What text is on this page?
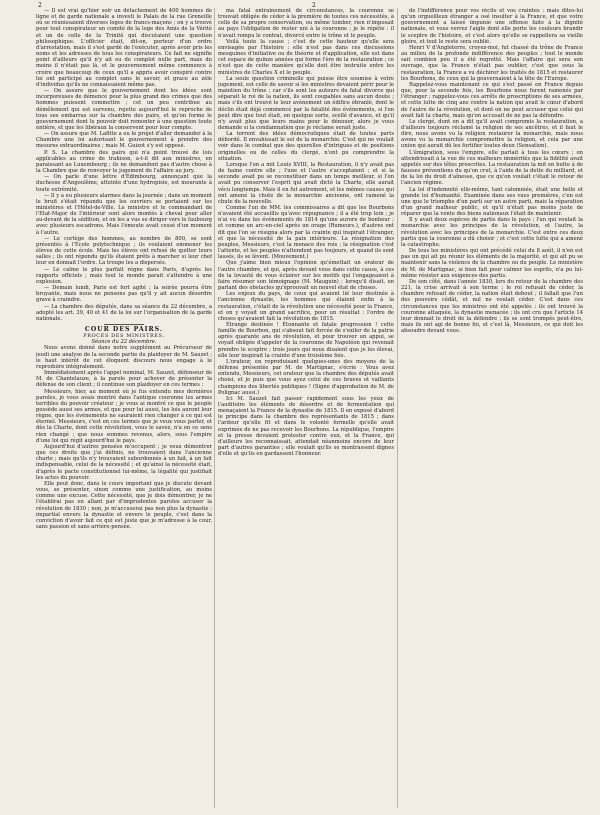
2	2

— Il est vrai qu'hier soir un détachement de 400 hommes de ligne et de garde nationale a investi le Palais de la rue Greneille où se réunissaient diverses loges de francs-maçons ; on y a trouvé pour tout conspirateur un comité de la loge des Amis de la Vérité et un de celle de la Trinité qui discutaient une question philosophique. L'officier était, dit-on, porteur d'un ordre d'arrestation, mais il s'est gardé de l'exécuter, après avoir pris les noms et les adresses de tous les conspirateurs. Ce fait ne signifie point d'ailleurs qu'il n'y ait eu de complot nulle part, mais du moins il n'était pas là, et le gouvernement même commence à croire que beaucoup de ceux qu'il a appris avoir conspiré contre lui ont participé au complot sans le savoir, et grace au zèle d'individus qu'ils ne connaissaient même pas.

— On assure que le gouvernement dont les idées sont incorporeuses de démence pour la plus grand des crimes que des hommes puissent commettre ; cet un peu contribue au démêlement qui est survenu, rejette aujourd'hui le reproche de tous ses embarras sur la chambre des pairs, et qu'on forme le gouvernement dont le pouvoir doit remonter à une question toute entière, et que les libéraux la conservent pour leur compte.

— On assure que M. Lafitte a eu le projet d'aller demander à la Chambre une loi autorisant le gouvernement à prendre des mesures extraordinaires ; mais M. Guizot s'y est opposé.

P. S. La chambre des pairs qui n'a point trouvé de lois applicables au crime de trahison, a-t-il dit aux ministres, en paraissant au Luxembourg ; ils ne demandent pas d'autre chose à la Chambre que de renvoyer le jugement de l'affaire au jury.

— On parle d'une lettre d'Édimbourg, annonçant que la duchesse d'Angoulême, atteinte d'une hydropisie, est mourante à toute extrémité.

— Il y a eu plusieurs alarmes dans la journée ; dans un moment le bruit s'était répandu que les ouvriers se portaient sur les ministères et l'Hôtel-de-Ville. Le ministre et le commandant de l'Etat-Major de l'intérieur sont alors montés à cheval pour aller au-devant de la sédition, et on les a vus se diriger vers le faubourg avec plusieurs escadrons. Mais l'émeute avait cessé d'un moment à l'autre.

— Le cortège des hommes, au nombre de 800, se sont présentés à l'École polytechnique ; ils voulaient emmener les élèves de cette école. Mais les élèves ont refusé de quitter leurs salles ; ils ont répondu qu'ils étaient prêts à marcher si leur chef leur en donnait l'ordre. La troupe les a dispersés.

— Le calme le plus parfait règne dans Paris, d'après les rapports officiels ; mais tout le monde parait s'attendre à une explosion.

— Demain lundi, Paris est fort agité ; la soirée pourra être bruyante, mais nous ne pensons pas qu'il y ait aucun désordre grave à craindre.

— La chambre des députés, dans sa séance du 22 décembre, a adopté les art. 39, 40 et 41 de la loi sur l'organisation de la garde nationale.

COUR DES PAIRS.

PROCÈS DES MINISTRES.

Séance du 22 décembre.

Nous avons donné dans notre supplément au Précurseur de jeudi une analyse de la seconde partie du plaidoyer de M. Sauzet ; le haut intérêt de cet éloquent discours nous engage à le reproduire intégralement.

Immédiatement après l'appel nominal, M. Sauzet, défenseur de M. de Chantelauze, à la parole pour achever de présenter la défense de son client ; il continue son plaidoyer en ces termes :

Messieurs, hier, au moment où je fus entendu mes dernières paroles, je vous avais montré dans l'antique couronne les armes terribles du pouvoir créateur ; je vous ai montré ce que le peuple possède aussi ses armes, et que pour lui aussi, les lois auront leur règne, que les événements ne sauraient rien changer à ce qui est éternel. Messieurs, c'est en ces termes que je veux vous parler, et dès la Charte, dont cette révolution, vous le savez, n'a en ce sens rien changé ; que nous sommes revenus, alors, sous l'empire d'une loi qui régit aujourd'hui le pays.

Aujourd'hui d'autres pensées m'occupent ; je veux démontrer que ces droits que j'ai définis, ne trouvaient dans l'ancienne charte ; mais qu'ils n'y trouvaient subordonnés à un fait, à un fait indispensable, celui de la nécessité ; et qu'ainsi la nécessité était, d'après le pacte constitutionnel lui-même, la légalité qui justifiait les actes du pouvoir.

Elle peut donc, dans le cours important que je discute devant vous, se présenter, sinon comme une justification, au moins comme une excuse. Cette nécessité, que je dois démontrer, je ne l'établirai pas en allant par d'imprudentes paroles accuser la révolution de 1830 ; non, je m'accuserai pas non plus la dynastie ; impartial envers la dynastie et envers le peuple, c'est dans la conviction d'avoir fait ce qui est juste que je m'adresse à la cour, sans passion et sans arrière-pensée.

ma fatal entraînement de circonstances, la couronne se trouvait obligée de céder à la première de toutes ces nécessités, à celle de sa propre conservation, ou même tomber, rien n'imposait au pays l'obligation de rester uni à la couronne ; je le répète : il n'avait rompu le contrat, divorcé entre le trône et le peuple.

Voilà toute la cause ; c'est de cette hauteur qu'elle sera envisagée par l'histoire ; elle n'est pas dans ces discussions mesquines d'initiative ou de théorie et d'application, elle est dans cet espace de quinze années qui forme l'ère de la restauration ; ce n'est que de cette manière qu'elle doit être instruite entre les ministres de Charles X et le peuple.

La seule question criminelle qui puisse être soumise à votre jugement, est celle de savoir si les ministres devaient périr pour le maintien du trône ; car s'ils sont les auteurs du fatal divorce qui séparait le roi de la nation, ils sont coupables sans aucun doute ; mais s'ils ont trouvé le leur avènement un édifice ébranlé, dont le déclin était déjà commencé par la fatalité des événements, si l'on peut dire que tout était, en quelque sorte, scellé d'avance, et qu'il n'y avait plus que leurs mains pour le dénouer, alors je vous demande si la condamnation que je réclame serait juste.

La torrent des idées démocratiques était de toutes parts débordé. Il envahissait le sol de la monarchie. C'est qui ne voulait voir dans le combat que des querelles d'intrigues et de positions originelles ou de celles du clergé, n'ont pu comprendre la situation.

Lorsque l'on a mit Louis XVIII, la Restauration, il n'y avait pas de haine contre elle ; l'une et l'autre s'acceptaient ; et si la seconde avait pu se reconstituer dans un temps meilleur, si l'on avait pu conserver l'esprit qui avait dicté la Charte, elle aurait vécu longtemps. Mais il en fut autrement, et les mêmes causes qui ont amené la chute de la monarchie ancienne, ont ramené la chute de la nouvelle.

Comme l'un de MM. les commissaires a dit que les Bourbons n'avaient été accueillis qu'avec répugnance ; il a été trop loin ; je n'ai vu dans les événements de 1814 qu'une aurore de bonheur ; et comme un arc-en-ciel après un orage (Rumeurs.), d'autres ont dit que l'on se résigna alors par la crainte qui inspirait l'étranger, et que la nécessité de la paix intérieure. La résignation des peuples, Messieurs, c'est la menace des rois ; la résignation c'est l'attente, et les peuples n'attendent pas toujours, et quand ils sont lassés, ils se lèvent. (Mouvement.)

Que j'aime bien mieux l'opinion qu'émettait un orateur de l'autre chambre, et qui, après devant vous dans cette cause, à ces de la lovauté de vous éclairer sur les motifs qui l'engageaient à faire résumer son témoignage (M. Mauguin) : lorsqu'il disait, en parlant des obstacles qu'éprouvait un nouvel état de choses.

Les enjeux du pays, de ceux qui avaient lié leur destinée à l'ancienne dynastie, les hommes qui étaient enfin à la restauration, c'était de la révolution une nécessité pour la France, et on y voyait un grand sacrifice, pour un résultat : l'ordre de choses qu'avaient fait la révolution de 1815.

Étrange destinée ! Étonnante et fatale progression ! cette famille de Bourbon, qui s'absout fait forcée de s'exiler de la patrie après quarante ans de révolution, et pour trouver un appui, se voyait obligée d'appeler de la couronne de Napoléon qui revenait prendre le sceptre ; trois jours qui nous disaient que je les élevai, elle leur inspirait la crainte d'une troisième fois.

L'orateur, en reproduisant quelques-unes des moyens de la défense présentée par M. de Martignac, s'écrie : Vous avez entendu, Messieurs, cet orateur que la chambre des députés avait choisi, et je puis que vous ayez celui de ces braves et vaillants champions des libertés publiques ! (Signe d'approbation de M. de Polignac aussi.)

Ici M. Sauzet fait passer rapidement sous les yeux de l'auditoire les éléments de désordre et de fermentation qui menaçaient la France de la dynastie de 1815. Il en exposé d'abord le principe dans la chambre des représentants de 1815 ; dans l'ardeur qu'elle fit et dans le volonté formelle qu'elle avait exprimée de ne pas recevoir les Bourbons. La république, l'empire et la presse devaient protester contre eux, et la France, qui d'ailleurs les reconnaissait, attendait néanmoins encore de leur part d'autres garanties ; elle voulait qu'ils se montrassent dignes d'elle et qu'ils en gardassent l'honneur.

de l'indifférence pour vos récits et vos craintes : mais dites-lui qu'un orgueilleux étranger a osé insulter à la France, et que votre gouvernement a laissé impunie une offense faite à la dignité nationale, et vous verrez l'aigle dont elle porte les couleurs brandir le sceptre de l'histoire, et c'est alors qu'elle se rappellera sa vieille gloire, et tout le reste sera oublié.

Henri V d'Angleterre, croyez-moi, fut chassé du trône de France au milieu de la profonde indifférence des peuples ; tout le monde sait combien peu il a été regretté. Mais l'affaire qui sera son ouvrage, que la France n'était pas oublier, c'est que sous la restauration, la France a vu déchirer les traités de 1815 et restaurer les Bourbons, de ceux qui la gouvernaient à la tête de l'Europe.

Rappelez-vous maintenant ce qui s'est passé en France depuis que, pour la seconde fois, les Bourbons nous furent ramenés par l'étranger ; rappelez-vous ces arrêts de proscriptions de ses armées, et cette lutte de cinq ans contre la nation qui avait le cœur d'abord de l'autre de la révolution, et dont on ne peut accuser que celui qui avait fait la charte, mais qu'on accusait de ne pas la défendre.

Le clergé, dont on a dit qu'il avait compromis la restauration, a d'ailleurs toujours réclamé la religion de ses ancêtres, et il faut le dire, nous avons vu la religion restaurer la monarchie, mais nous avons vu la monarchie compromettre la religion, et cela par une union qui aurait dû les fortifier toutes deux (Sensation).

L'émigration, sous l'empire, elle parlait à tous les cœurs ; on attendrissait à la vue de ces malheurs immérités que la fidélité avait appelés sur des têtes proscrites. La restauration la mit en butte à de fausses préventions du qu'on crut, à l'aide de la dette du milliard, et de la loi du droit d'aînesse, que ce qu'on voulait c'était le retour de l'ancien régime.

La loi d'indemnité elle-même, tant calomniée, était une belle et grande loi d'humanité. Examinée dans ses vues premières, c'en est une que le triomphe d'un parti sur un autre parti, mais la réparation d'un grand malheur public, et qu'il n'était pas moins juste de réparer que la vente des biens nationaux l'était de maintenir.

Il y avait deux espèces de partis dans le pays ; l'un qui voulait la monarchie avec les principes de la révolution, et l'autre, la révolution avec les principes de la monarchie. C'est entre ces deux partis que la couronne a dû choisir ; et c'est cette lutte qui a amené la catastrophe.

De tous les ministères qui ont précédé celui du 8 août, il n'en est pas un qui ait pu réunir les éléments de la majorité, et qui ait pu se maintenir sans la violence de la chambre ou du peuple. Le ministère de M. de Martignac, si bien fait pour calmer les esprits, n'a pu lui-même résister aux exigences des partis.

De son côté, dans l'année 1830, lors du retour de la chambre des 221, la crise arrivait à son terme ; le roi refusait de céder, la chambre refusait de céder, la nation était debout ; il fallait que l'un des pouvoirs cédât, et nul ne voulait céder. C'est dans ces circonstances que les ministres ont été appelés ; ils ont trouvé la couronne attaquée, la dynastie menacée ; ils ont cru que l'article 14 leur donnait le droit de la défendre ; ils se sont trompés peut-être, mais ils ont agi de bonne foi, et c'est là, Messieurs, ce qui doit les absoudre devant vous.
